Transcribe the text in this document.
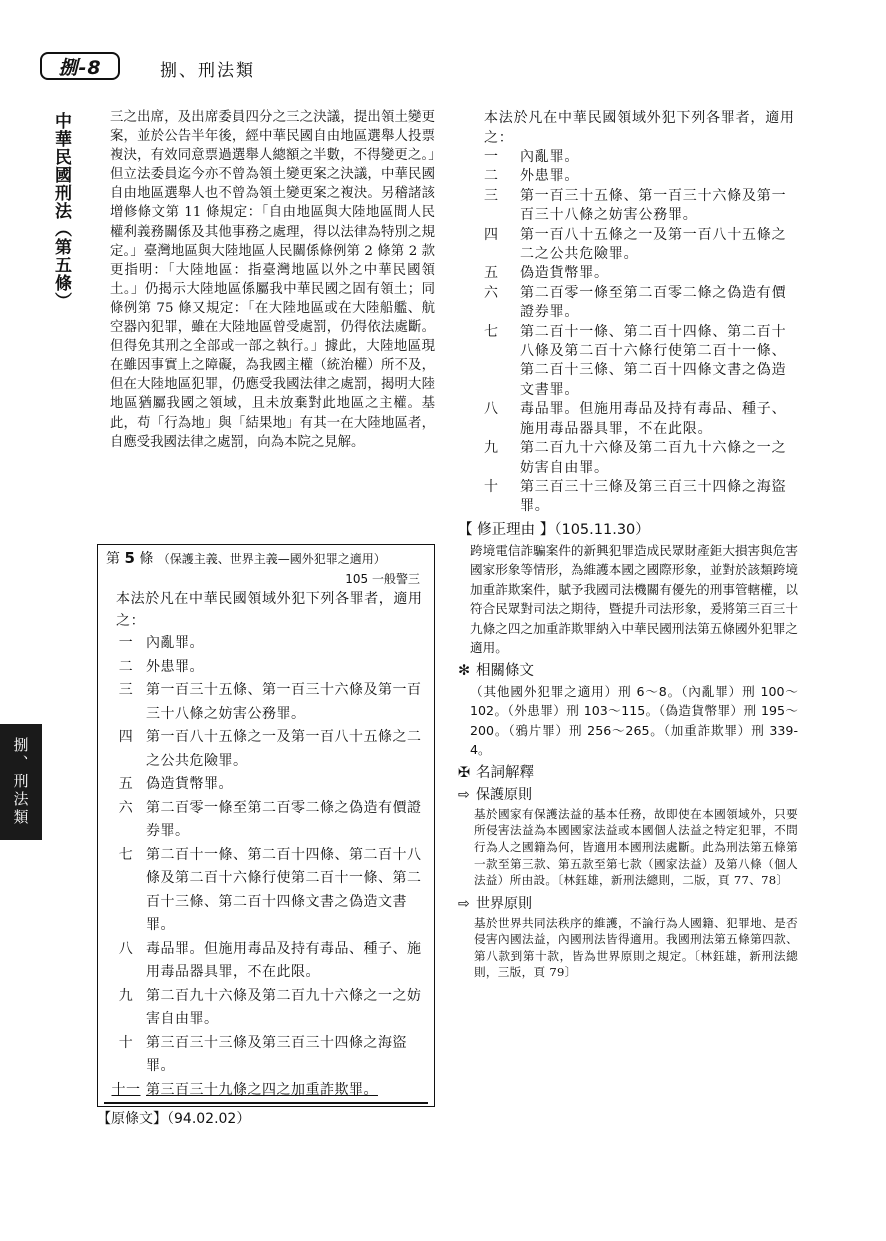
捌-8	捌、刑法類
中華民國刑法（第五條）
捌、刑法類
三之出席，及出席委員四分之三之決議，提出領土變更案，並於公告半年後，經中華民國自由地區選舉人投票複決，有效同意票過選舉人總額之半數，不得變更之。」但立法委員迄今亦不曾為領土變更案之決議，中華民國自由地區選舉人也不曾為領土變更案之複決。另稽諸該增修條文第 11 條規定：「自由地區與大陸地區間人民權利義務關係及其他事務之處理，得以法律為特別之規定。」臺灣地區與大陸地區人民關係條例第 2 條第 2 款更指明：「大陸地區：指臺灣地區以外之中華民國領土。」仍揭示大陸地區係屬我中華民國之固有領土；同條例第 75 條又規定：「在大陸地區或在大陸船艦、航空器內犯罪，雖在大陸地區曾受處罰，仍得依法處斷。但得免其刑之全部或一部之執行。」據此，大陸地區現在雖因事實上之障礙，為我國主權（統治權）所不及，但在大陸地區犯罪，仍應受我國法律之處罰，揭明大陸地區猶屬我國之領域，且未放棄對此地區之主權。基此，苟「行為地」與「結果地」有其一在大陸地區者，自應受我國法律之處罰，向為本院之見解。
第 5 條 （保護主義、世界主義—國外犯罪之適用）
105 一般警三
本法於凡在中華民國領域外犯下列各罪者，適用之：
一 內亂罪。
二 外患罪。
三 第一百三十五條、第一百三十六條及第一百三十八條之妨害公務罪。
四 第一百八十五條之一及第一百八十五條之二之公共危險罪。
五 偽造貨幣罪。
六 第二百零一條至第二百零二條之偽造有價證券罪。
七 第二百十一條、第二百十四條、第二百十八條及第二百十六條行使第二百十一條、第二百十三條、第二百十四條文書之偽造文書罪。
八 毒品罪。但施用毒品及持有毒品、種子、施用毒品器具罪，不在此限。
九 第二百九十六條及第二百九十六條之一之妨害自由罪。
十 第三百三十三條及第三百三十四條之海盜罪。
十一 第三百三十九條之四之加重詐欺罪。
【原條文】（94.02.02）
本法於凡在中華民國領域外犯下列各罪者，適用之：
一	內亂罪。
二	外患罪。
三	第一百三十五條、第一百三十六條及第一百三十八條之妨害公務罪。
四	第一百八十五條之一及第一百八十五條之二之公共危險罪。
五	偽造貨幣罪。
六	第二百零一條至第二百零二條之偽造有價證券罪。
七	第二百十一條、第二百十四條、第二百十八條及第二百十六條行使第二百十一條、第二百十三條、第二百十四條文書之偽造文書罪。
八	毒品罪。但施用毒品及持有毒品、種子、施用毒品器具罪，不在此限。
九	第二百九十六條及第二百九十六條之一之妨害自由罪。
十	第三百三十三條及第三百三十四條之海盜罪。
【 修正理由 】（105.11.30）
跨境電信詐騙案件的新興犯罪造成民眾財產鉅大損害與危害國家形象等情形，為維護本國之國際形象，並對於該類跨境加重詐欺案件，賦予我國司法機關有優先的刑事管轄權，以符合民眾對司法之期待，暨提升司法形象，爰將第三百三十九條之四之加重詐欺罪納入中華民國刑法第五條國外犯罪之適用。
✻ 相關條文
（其他國外犯罪之適用）刑 6～8。（內亂罪）刑 100～102。（外患罪）刑 103～115。（偽造貨幣罪）刑 195～200。（鴉片罪）刑 256～265。（加重詐欺罪）刑 339-4。
✠ 名詞解釋
⇨ 保護原則
基於國家有保護法益的基本任務，故即使在本國領域外，只要所侵害法益為本國國家法益或本國個人法益之特定犯罪，不問行為人之國籍為何，皆適用本國刑法處斷。此為刑法第五條第一款至第三款、第五款至第七款（國家法益）及第八條（個人法益）所由設。〔林鈺雄，新刑法總則，二版，頁 77、78〕
⇨ 世界原則
基於世界共同法秩序的維護，不論行為人國籍、犯罪地、是否侵害內國法益，內國刑法皆得適用。我國刑法第五條第四款、第八款到第十款，皆為世界原則之規定。〔林鈺雄，新刑法總則，三版，頁 79〕
